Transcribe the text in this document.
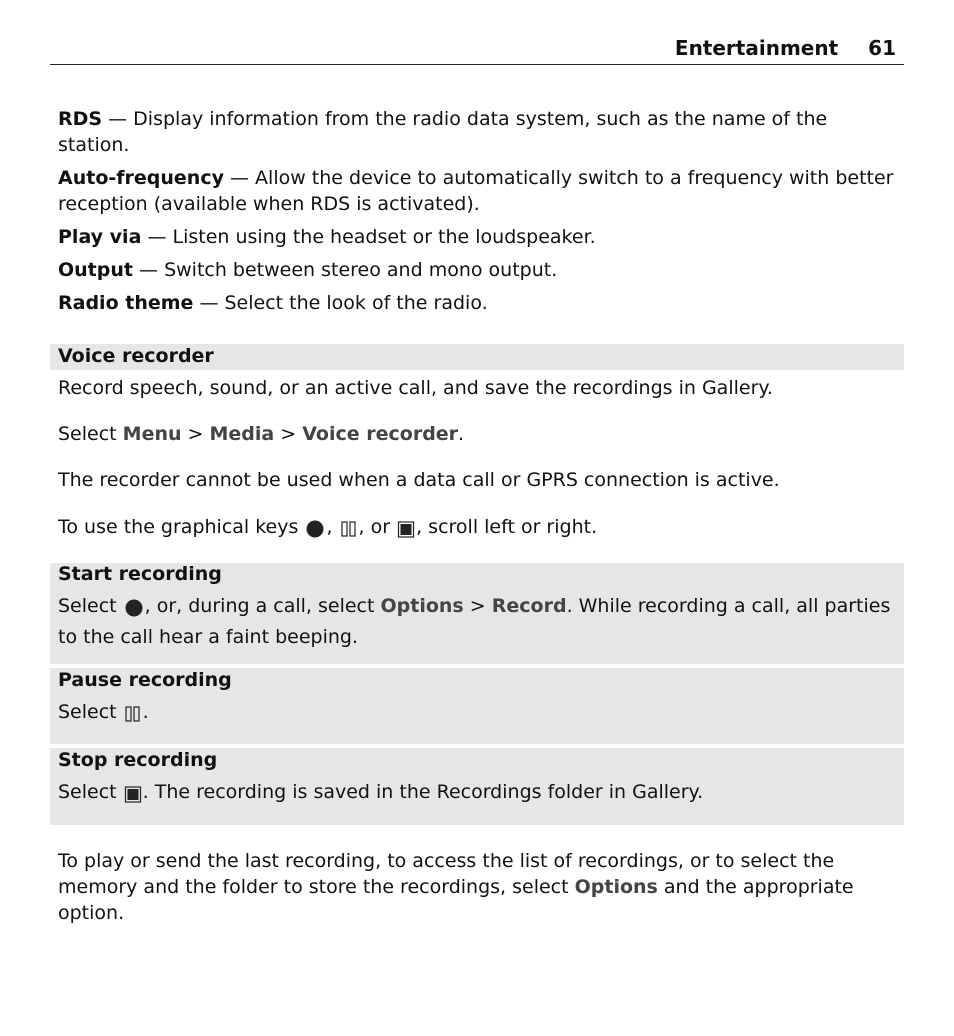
Entertainment 61
RDS — Display information from the radio data system, such as the name of the station.
Auto-frequency — Allow the device to automatically switch to a frequency with better reception (available when RDS is activated).
Play via — Listen using the headset or the loudspeaker.
Output — Switch between stereo and mono output.
Radio theme — Select the look of the radio.
Voice recorder
Record speech, sound, or an active call, and save the recordings in Gallery.
Select Menu > Media > Voice recorder.
The recorder cannot be used when a data call or GPRS connection is active.
To use the graphical keys , , or , scroll left or right.
Start recording
Select , or, during a call, select Options > Record. While recording a call, all parties to the call hear a faint beeping.
Pause recording
Select .
Stop recording
Select . The recording is saved in the Recordings folder in Gallery.
To play or send the last recording, to access the list of recordings, or to select the memory and the folder to store the recordings, select Options and the appropriate option.
